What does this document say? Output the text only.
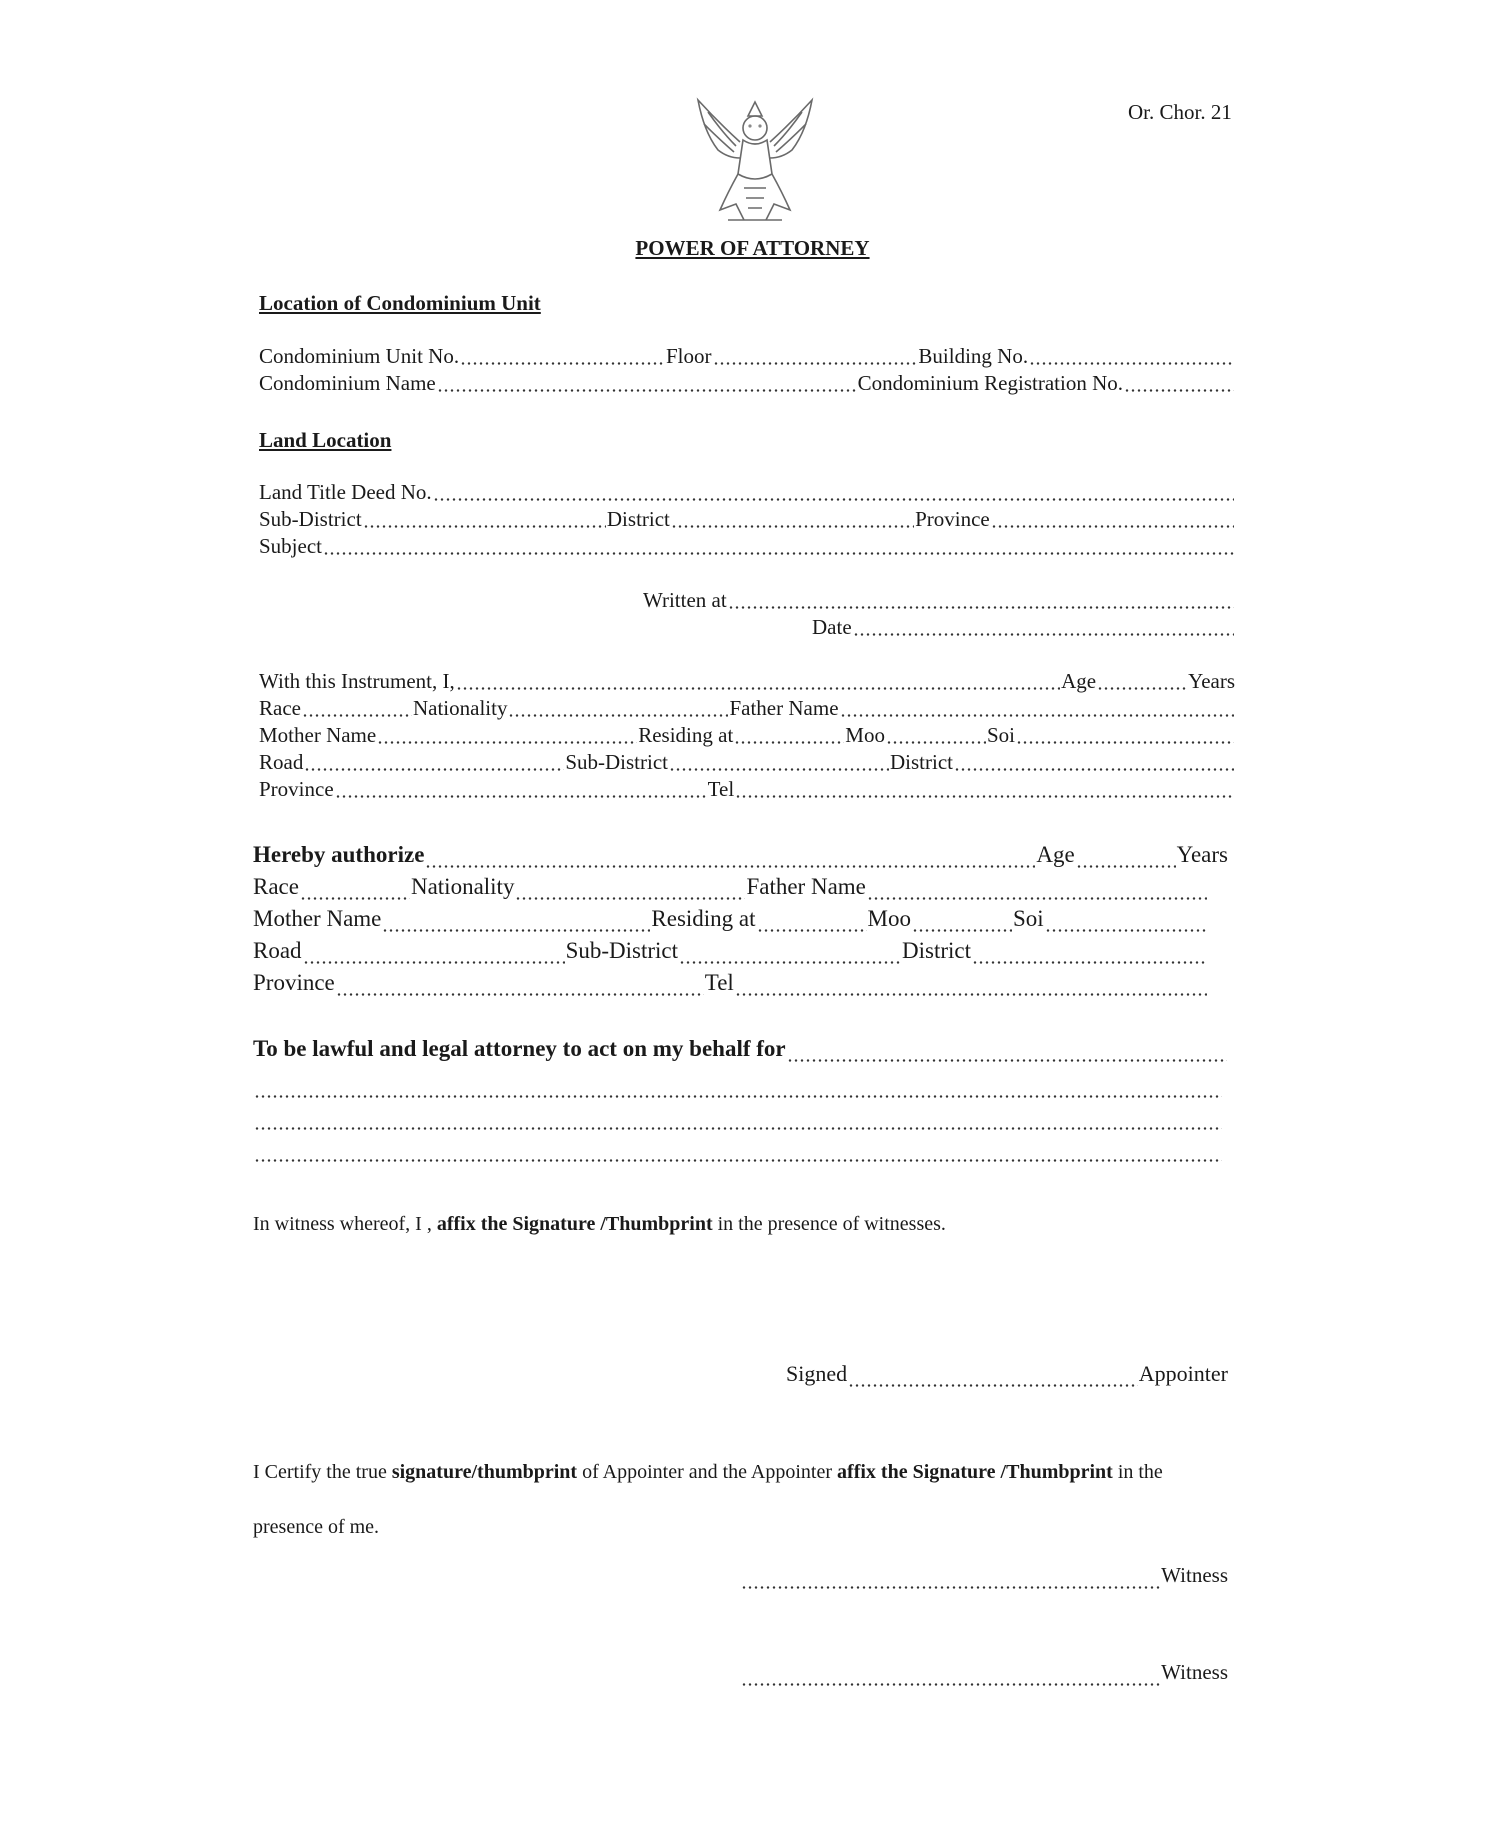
Or. Chor. 21
POWER OF ATTORNEY
Location of Condominium Unit
Condominium Unit No.	Floor	Building No.
Condominium Name	Condominium Registration No.
Land Location
Land Title Deed No.
Sub-District	District	Province
Subject
Written at
Date
With this Instrument, I,	Age	Years
Race	Nationality	Father Name
Mother Name	Residing at	Moo	Soi
Road	Sub-District	District
Province	Tel
Hereby authorize	Age	Years
Race	Nationality	Father Name
Mother Name	Residing at	Moo	Soi
Road	Sub-District	District
Province	Tel
To be lawful and legal attorney to act on my behalf for
In witness whereof, I , affix the Signature /Thumbprint in the presence of witnesses.
Signed	Appointer
I Certify the true signature/thumbprint of Appointer and the Appointer affix the Signature /Thumbprint in the
presence of me.
Witness
Witness
